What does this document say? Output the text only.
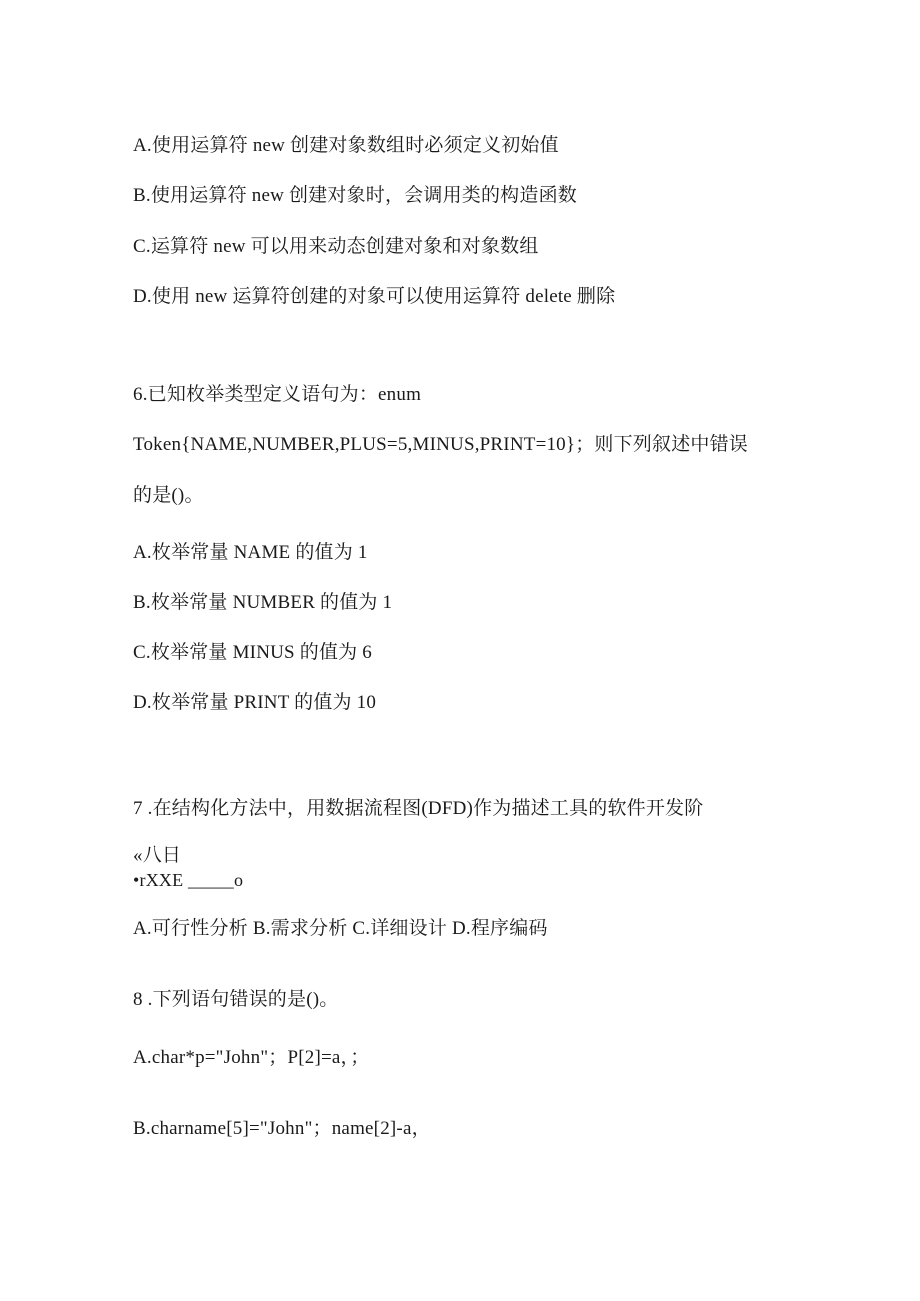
A.使用运算符 new 创建对象数组时必须定义初始值
B.使用运算符 new 创建对象时，会调用类的构造函数
C.运算符 new 可以用来动态创建对象和对象数组
D.使用 new 运算符创建的对象可以使用运算符 delete 删除
6.已知枚举类型定义语句为：enum
Token{NAME,NUMBER,PLUS=5,MINUS,PRINT=10}；则下列叙述中错误
的是()。
A.枚举常量 NAME 的值为 1
B.枚举常量 NUMBER 的值为 1
C.枚举常量 MINUS 的值为 6
D.枚举常量 PRINT 的值为 10
7 .在结构化方法中，用数据流程图(DFD)作为描述工具的软件开发阶
«八日
•rXXE _____o
A.可行性分析 B.需求分析 C.详细设计 D.程序编码
8 .下列语句错误的是()。
A.char*p="John"；P[2]=a，；
B.charname[5]="John"；name[2]-a，
